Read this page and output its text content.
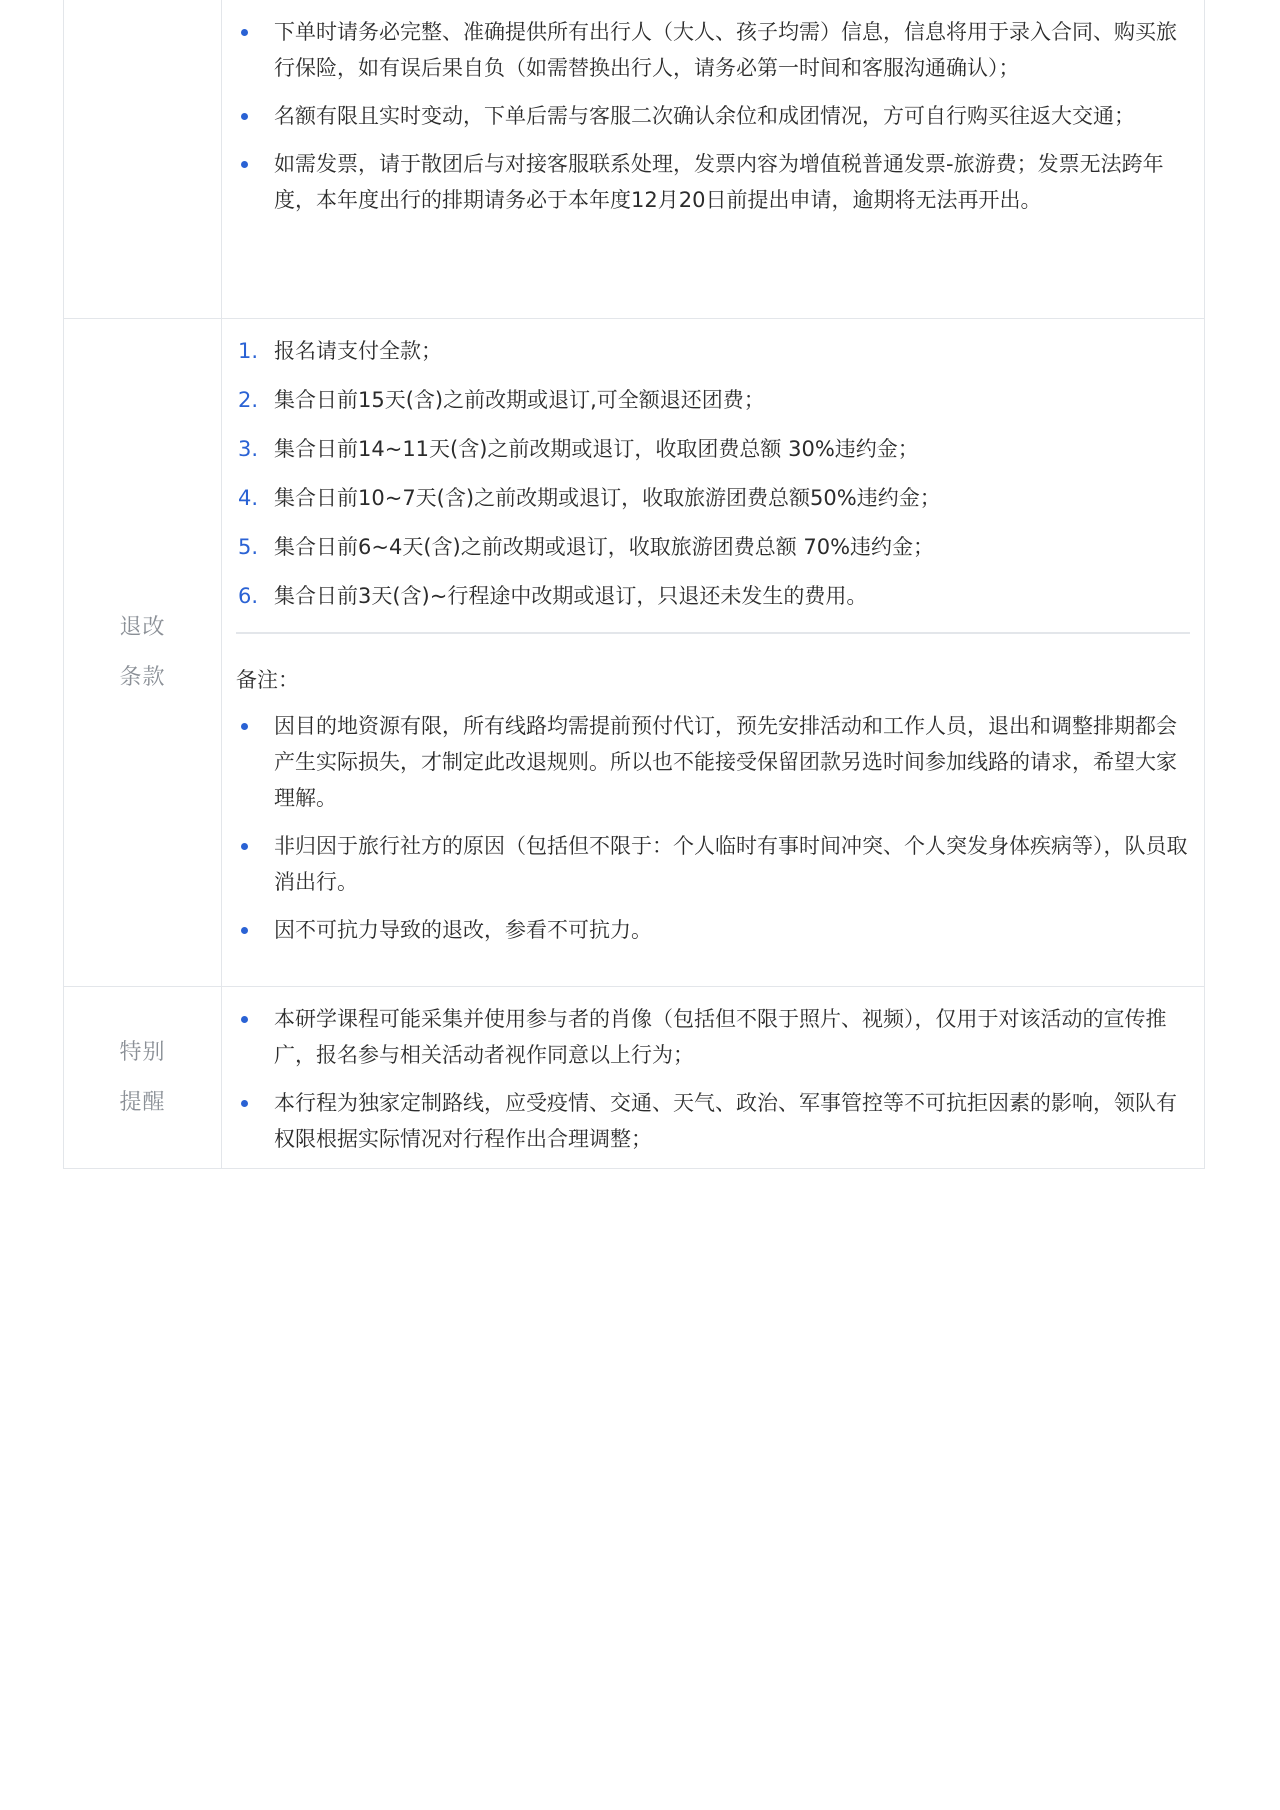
下单时请务必完整、准确提供所有出行人（大人、孩子均需）信息，信息将用于录入合同、购买旅行保险，如有误后果自负（如需替换出行人，请务必第一时间和客服沟通确认）；
名额有限且实时变动，下单后需与客服二次确认余位和成团情况，方可自行购买往返大交通；
如需发票，请于散团后与对接客服联系处理，发票内容为增值税普通发票-旅游费；发票无法跨年度，本年度出行的排期请务必于本年度12月20日前提出申请，逾期将无法再开出。
退改
条款
1. 报名请支付全款；
2. 集合日前15天(含)之前改期或退订,可全额退还团费；
3. 集合日前14~11天(含)之前改期或退订，收取团费总额 30%违约金；
4. 集合日前10~7天(含)之前改期或退订，收取旅游团费总额50%违约金；
5. 集合日前6~4天(含)之前改期或退订，收取旅游团费总额 70%违约金；
6. 集合日前3天(含)~行程途中改期或退订，只退还未发生的费用。
备注：
因目的地资源有限，所有线路均需提前预付代订，预先安排活动和工作人员，退出和调整排期都会产生实际损失，才制定此改退规则。所以也不能接受保留团款另选时间参加线路的请求，希望大家理解。
非归因于旅行社方的原因（包括但不限于：个人临时有事时间冲突、个人突发身体疾病等），队员取消出行。
因不可抗力导致的退改，参看不可抗力。
特别
提醒
本研学课程可能采集并使用参与者的肖像（包括但不限于照片、视频），仅用于对该活动的宣传推广，报名参与相关活动者视作同意以上行为；
本行程为独家定制路线，应受疫情、交通、天气、政治、军事管控等不可抗拒因素的影响，领队有权限根据实际情况对行程作出合理调整；
